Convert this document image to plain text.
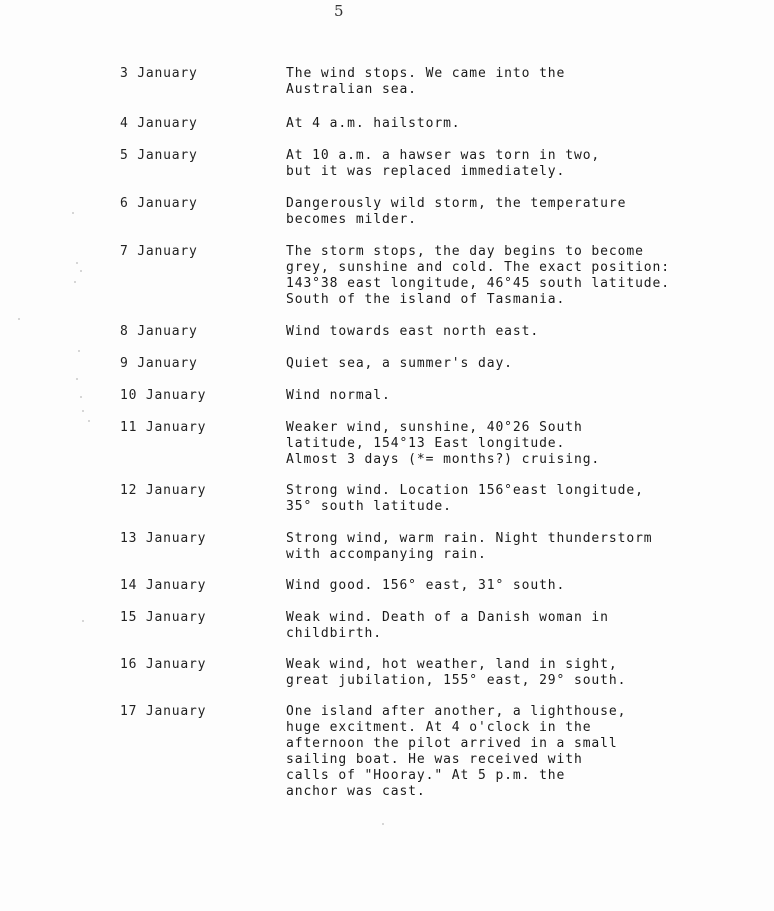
5
3 January	The wind stops. We came into the
Australian sea.
4 January	At 4 a.m. hailstorm.
5 January	At 10 a.m. a hawser was torn in two,
but it was replaced immediately.
6 January	Dangerously wild storm, the temperature
becomes milder.
7 January	The storm stops, the day begins to become
grey, sunshine and cold. The exact position:
143°38 east longitude, 46°45 south latitude.
South of the island of Tasmania.
8 January	Wind towards east north east.
9 January	Quiet sea, a summer's day.
10 January	Wind normal.
11 January	Weaker wind, sunshine, 40°26 South
latitude, 154°13 East longitude.
Almost 3 days (*= months?) cruising.
12 January	Strong wind. Location 156°east longitude,
35° south latitude.
13 January	Strong wind, warm rain. Night thunderstorm
with accompanying rain.
14 January	Wind good. 156° east, 31° south.
15 January	Weak wind. Death of a Danish woman in
childbirth.
16 January	Weak wind, hot weather, land in sight,
great jubilation, 155° east, 29° south.
17 January	One island after another, a lighthouse,
huge excitment. At 4 o'clock in the
afternoon the pilot arrived in a small
sailing boat. He was received with
calls of "Hooray." At 5 p.m. the
anchor was cast.
